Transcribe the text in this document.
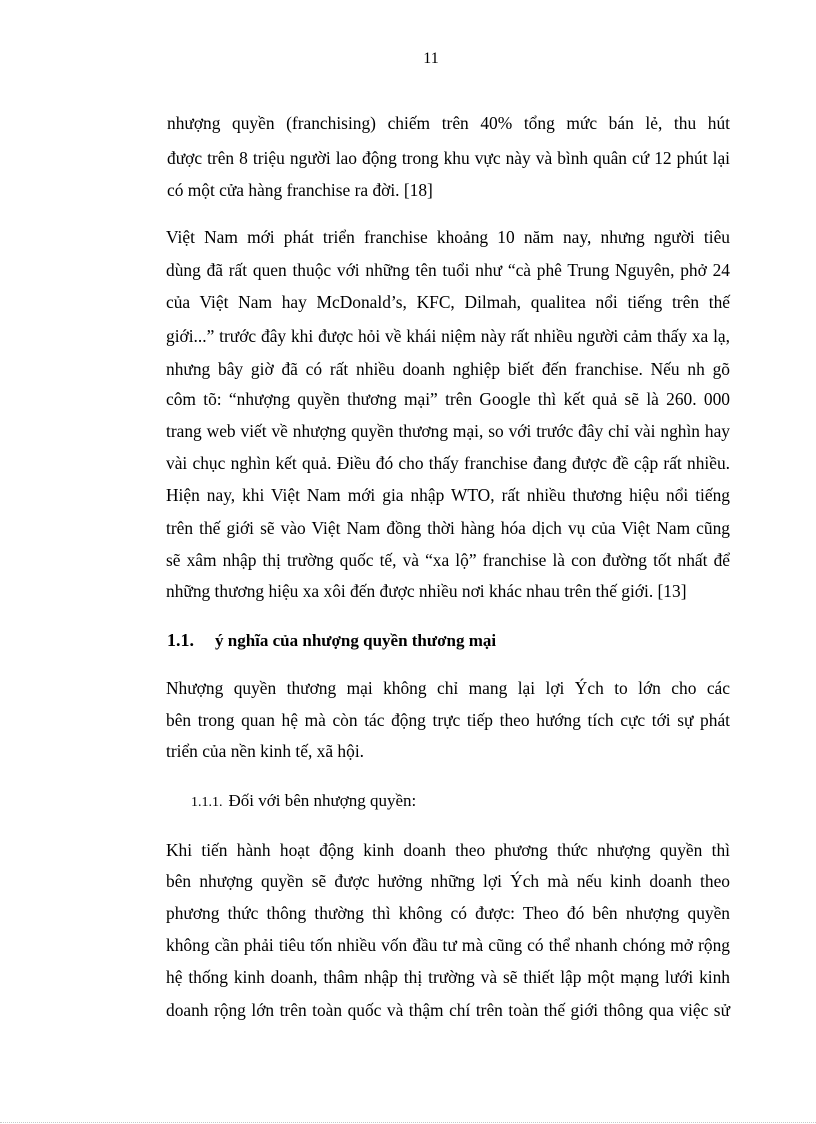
11

nhượng quyền (franchising) chiếm trên 40% tổng mức bán lẻ, thu hút

được trên 8 triệu người lao động trong khu vực này và bình quân cứ 12 phút lại

có một cửa hàng franchise ra đời. [18]

Việt Nam mới phát triển franchise khoảng 10 năm nay, nhưng người tiêu

dùng đã rất quen thuộc với những tên tuổi như “cà phê Trung Nguyên, phở 24

của Việt Nam hay McDonald’s, KFC, Dilmah, qualitea nổi tiếng trên thế

giới...” trước đây khi được hỏi về khái niệm này rất nhiều người cảm thấy xa lạ,

nhưng bây giờ đã có rất nhiều doanh nghiệp biết đến franchise. Nếu nh gõ

côm tõ: “nhượng quyền thương mại” trên Google thì kết quả sẽ là 260. 000

trang web viết về nhượng quyền thương mại, so với trước đây chỉ vài nghìn hay

vài chục nghìn kết quả. Điều đó cho thấy franchise đang được đề cập rất nhiều.

Hiện nay, khi Việt Nam mới gia nhập WTO, rất nhiều thương hiệu nổi tiếng

trên thế giới sẽ vào Việt Nam đồng thời hàng hóa dịch vụ của Việt Nam cũng

sẽ xâm nhập thị trường quốc tế, và “xa lộ” franchise là con đường tốt nhất để

những thương hiệu xa xôi đến được nhiều nơi khác nhau trên thế giới. [13]

1.1. ý nghĩa của nhượng quyền thương mại

Nhượng quyền thương mại không chỉ mang lại lợi Ých to lớn cho các

bên trong quan hệ mà còn tác động trực tiếp theo hướng tích cực tới sự phát

triển của nền kinh tế, xã hội.

1.1.1. Đối với bên nhượng quyền:

Khi tiến hành hoạt động kinh doanh theo phương thức nhượng quyền thì

bên nhượng quyền sẽ được hưởng những lợi Ých mà nếu kinh doanh theo

phương thức thông thường thì không có được: Theo đó bên nhượng quyền

không cần phải tiêu tốn nhiều vốn đầu tư mà cũng có thể nhanh chóng mở rộng

hệ thống kinh doanh, thâm nhập thị trường và sẽ thiết lập một mạng lưới kinh

doanh rộng lớn trên toàn quốc và thậm chí trên toàn thế giới thông qua việc sử
